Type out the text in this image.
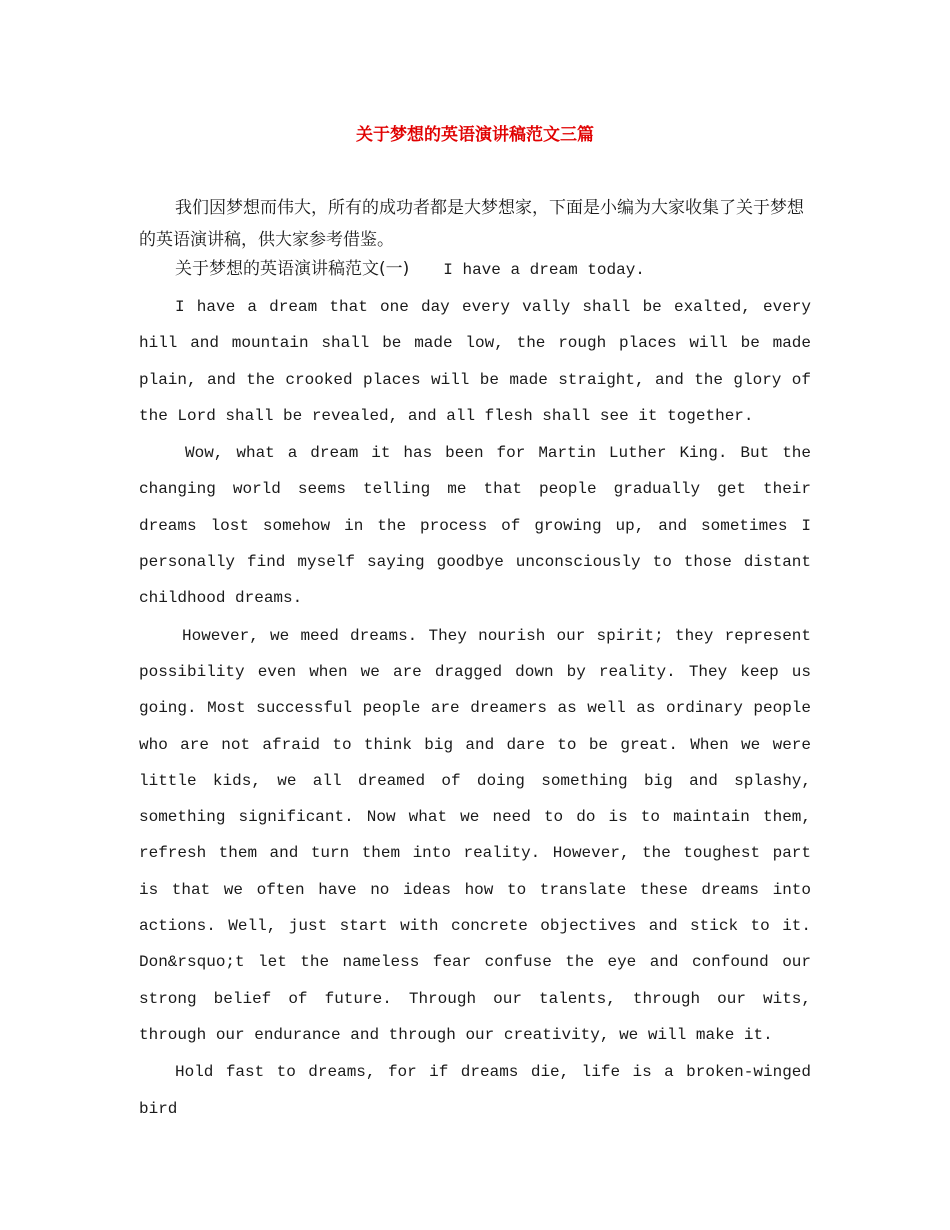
关于梦想的英语演讲稿范文三篇

我们因梦想而伟大，所有的成功者都是大梦想家，下面是小编为大家收集了关于梦想的英语演讲稿，供大家参考借鉴。

关于梦想的英语演讲稿范文(一) I have a dream today.

I have a dream that one day every vally shall be exalted, every hill and mountain shall be made low, the rough places will be made plain, and the crooked places will be made straight, and the glory of the Lord shall be revealed, and all flesh shall see it together.

Wow, what a dream it has been for Martin Luther King. But the changing world seems telling me that people gradually get their dreams lost somehow in the process of growing up, and sometimes I personally find myself saying goodbye unconsciously to those distant childhood dreams.

However, we meed dreams. They nourish our spirit; they represent possibility even when we are dragged down by reality. They keep us going. Most successful people are dreamers as well as ordinary people who are not afraid to think big and dare to be great. When we were little kids, we all dreamed of doing something big and splashy, something significant. Now what we need to do is to maintain them, refresh them and turn them into reality. However, the toughest part is that we often have no ideas how to translate these dreams into actions. Well, just start with concrete objectives and stick to it. Don&rsquo;t let the nameless fear confuse the eye and confound our strong belief of future. Through our talents, through our wits, through our endurance and through our creativity, we will make it.

Hold fast to dreams, for if dreams die, life is a broken-winged bird
